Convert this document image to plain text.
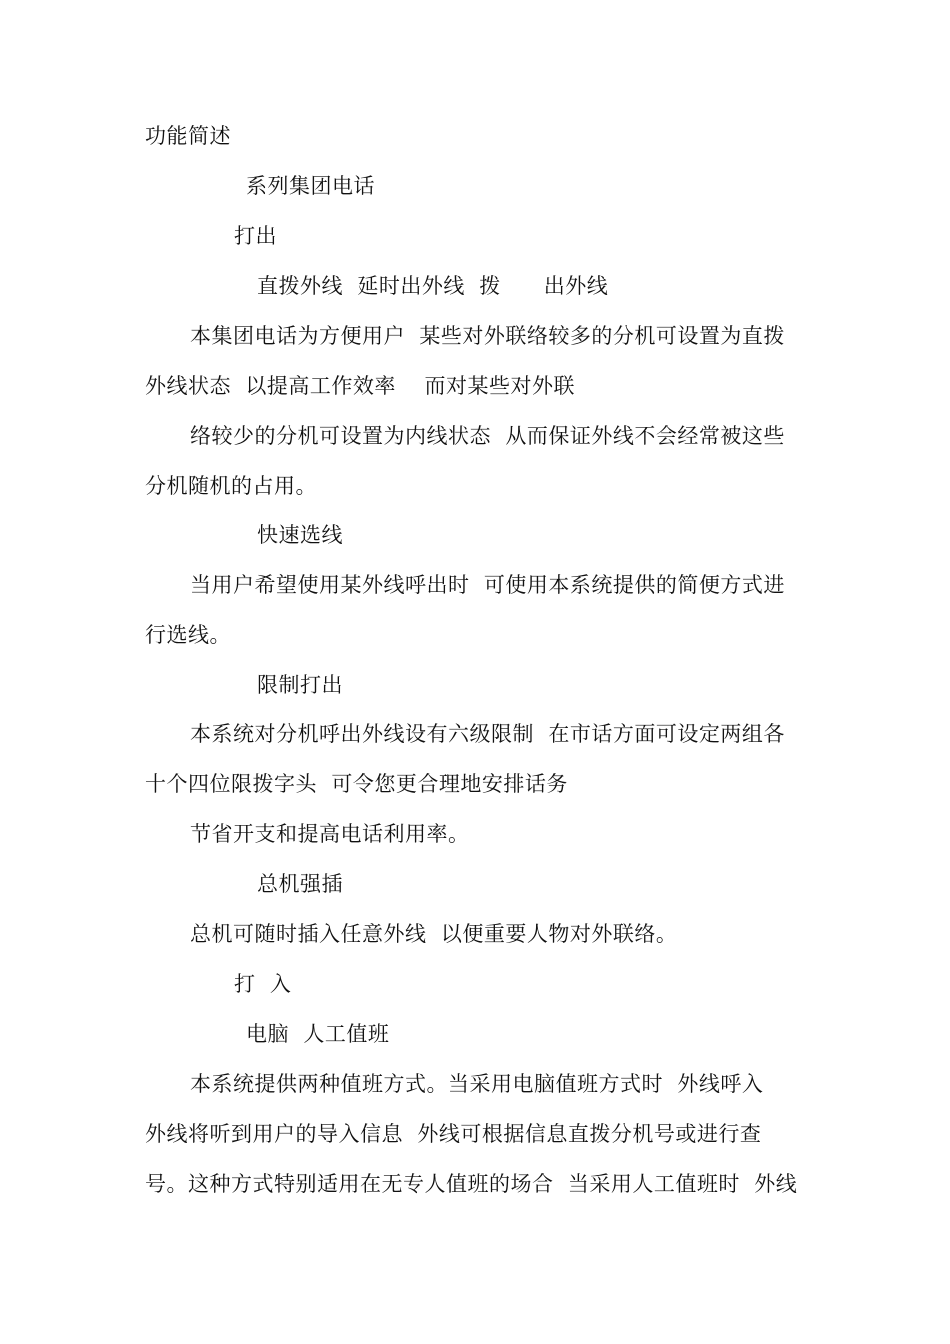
功能简述
系列集团电话
打出
直拨外线  延时出外线  拨      出外线
本集团电话为方便用户  某些对外联络较多的分机可设置为直拨
外线状态  以提高工作效率    而对某些对外联
络较少的分机可设置为内线状态  从而保证外线不会经常被这些
分机随机的占用。
快速选线
当用户希望使用某外线呼出时  可使用本系统提供的简便方式进
行选线。
限制打出
本系统对分机呼出外线设有六级限制  在市话方面可设定两组各
十个四位限拨字头  可令您更合理地安排话务
节省开支和提高电话利用率。
总机强插
总机可随时插入任意外线  以便重要人物对外联络。
打  入
电脑  人工值班
本系统提供两种值班方式。当采用电脑值班方式时  外线呼入
外线将听到用户的导入信息  外线可根据信息直拨分机号或进行查
号。这种方式特别适用在无专人值班的场合  当采用人工值班时  外线
